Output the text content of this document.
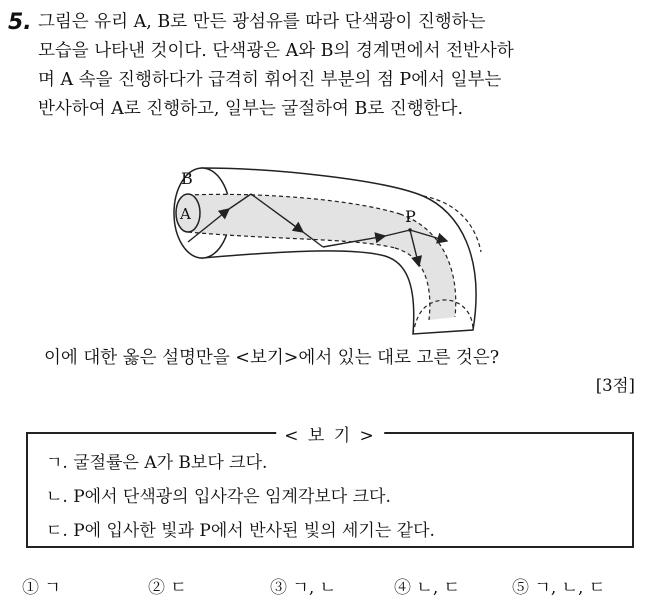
5. 그림은 유리 A, B로 만든 광섬유를 따라 단색광이 진행하는
모습을 나타낸 것이다. 단색광은 A와 B의 경계면에서 전반사하
며 A 속을 진행하다가 급격히 휘어진 부분의 점 P에서 일부는
반사하여 A로 진행하고, 일부는 굴절하여 B로 진행한다.
B
A	P
이에 대한 옳은 설명만을 <보기>에서 있는 대로 고른 것은?
[3점]
< 보 기 >
ㄱ. 굴절률은 A가 B보다 크다.
ㄴ. P에서 단색광의 입사각은 임계각보다 크다.
ㄷ. P에 입사한 빛과 P에서 반사된 빛의 세기는 같다.
① ㄱ	② ㄷ	③ ㄱ, ㄴ	④ ㄴ, ㄷ	⑤ ㄱ, ㄴ, ㄷ
